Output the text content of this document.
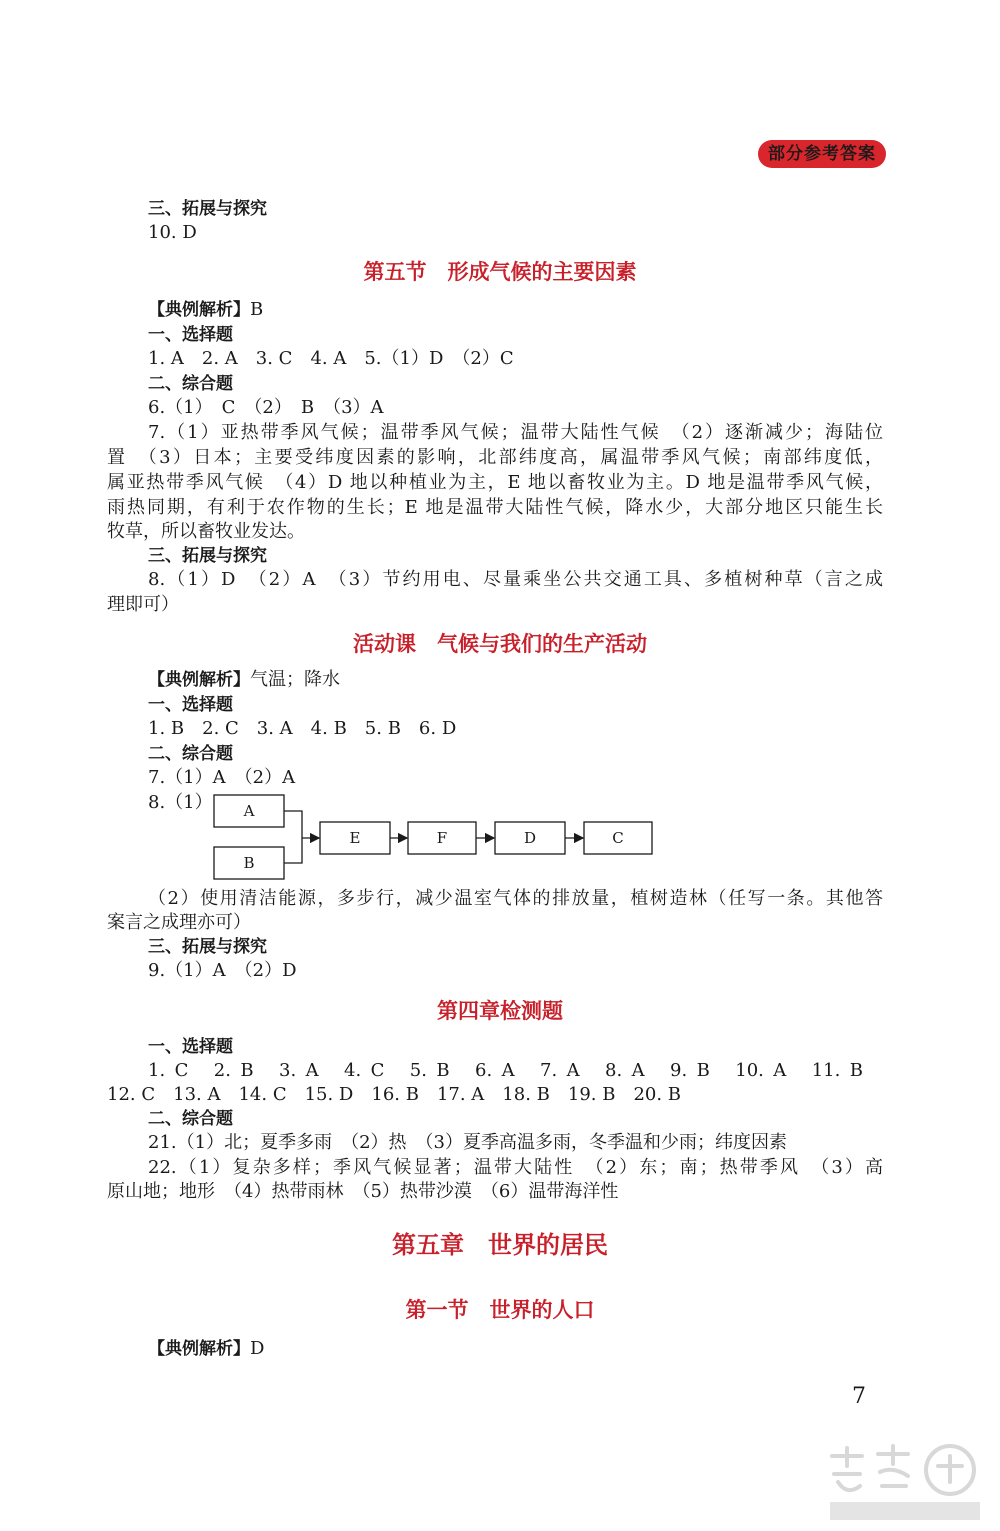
部分参考答案
三、拓展与探究
10. D
第五节　形成气候的主要因素
【典例解析】B
一、选择题
1. A　2. A　3. C　4. A　5.（1）D　（2）C
二、综合题
6.（1）　C　（2）　B　（3）A
7.（1）亚热带季风气候；温带季风气候；温带大陆性气候　（2）逐渐减少；海陆位
置　（3）日本；主要受纬度因素的影响，北部纬度高，属温带季风气候；南部纬度低，
属亚热带季风气候　（4）D 地以种植业为主，E 地以畜牧业为主。D 地是温带季风气候，
雨热同期，有利于农作物的生长；E 地是温带大陆性气候，降水少，大部分地区只能生长
牧草，所以畜牧业发达。
三、拓展与探究
8.（1）D　（2）A　（3）节约用电、尽量乘坐公共交通工具、多植树种草（言之成
理即可）
活动课　气候与我们的生产活动
【典例解析】气温；降水
一、选择题
1. B　2. C　3. A　4. B　5. B　6. D
二、综合题
7.（1）A　（2）A
8.（1） A
B
E	F	D	C
（2）使用清洁能源，多步行，减少温室气体的排放量，植树造林（任写一条。其他答
案言之成理亦可）
三、拓展与探究
9.（1）A　（2）D
第四章检测题
一、选择题
1. C　2. B　3. A　4. C　5. B　6. A　7. A　8. A　9. B　10. A　11. B
12. C　13. A　14. C　15. D　16. B　17. A　18. B　19. B　20. B
二、综合题
21.（1）北；夏季多雨　（2）热　（3）夏季高温多雨，冬季温和少雨；纬度因素
22.（1）复杂多样；季风气候显著；温带大陆性　（2）东；南；热带季风　（3）高
原山地；地形　（4）热带雨林　（5）热带沙漠　（6）温带海洋性
第五章　世界的居民
第一节　世界的人口
【典例解析】D
7
